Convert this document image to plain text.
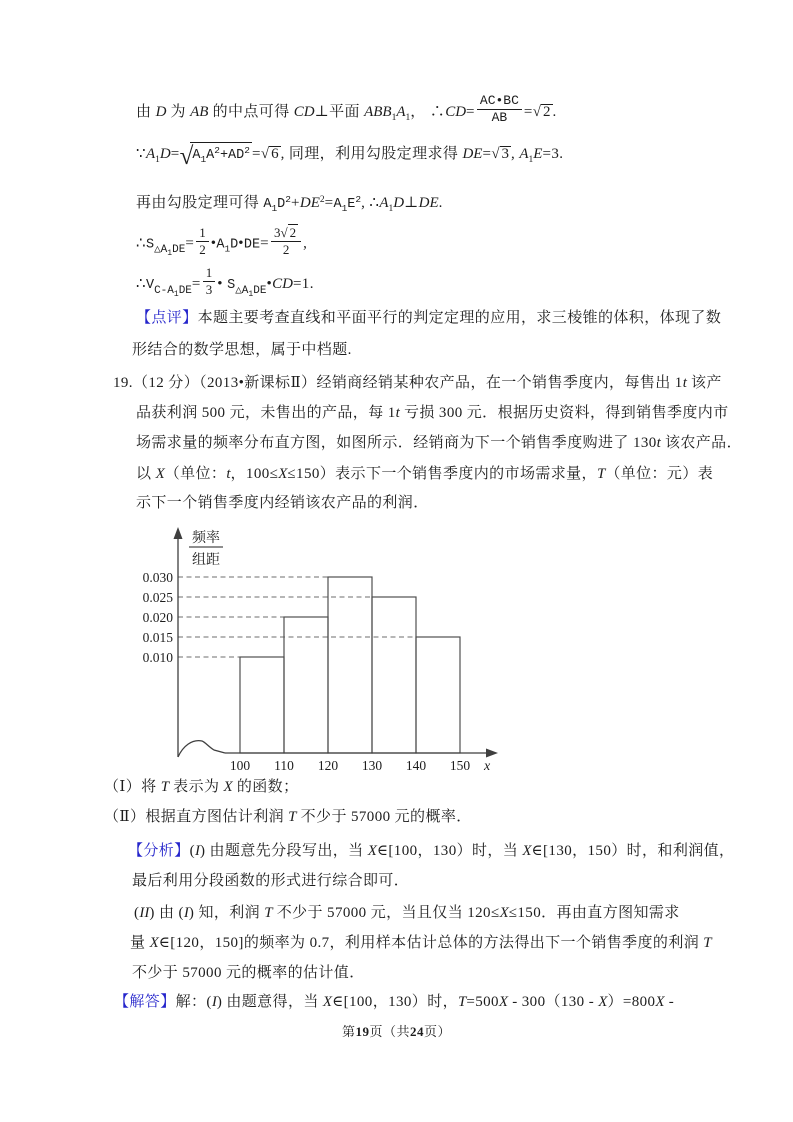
由 D 为 AB 的中点可得 CD⊥平面 $ABB_1A_1$， ∴CD= $\frac{AC•BC}{AB}$ =√ 2 .
$\because A_1D=√A_1A^2+AD^2$ =√ 6 , 同理，利用勾股定理求得 DE=√ 3 , $A_1E=3$.
再由勾股定理可得 $A_1D^2+DE^2=A_1E^2$, $\therefore A_1D\perp DE$.
$\therefore S_{\triangle A_1DE}= \frac{1}{2}$ $•A_1D•DE= \frac{3√ 2}{2}$ ,
$\therefore V_{C-A_1DE}= \frac{1}{3}$ • $S_{\triangle A_1DE}•CD=1$.
【点评】本题主要考查直线和平面平行的判定定理的应用，求三棱锥的体积，体现了数
形结合的数学思想，属于中档题.
19.（12 分）（2013•新课标Ⅱ）经销商经销某种农产品，在一个销售季度内，每售出 1t 该产
品获利润 500 元，未售出的产品，每 1t 亏损 300 元．根据历史资料，得到销售季度内市
场需求量的频率分布直方图，如图所示．经销商为下一个销售季度购进了 130t 该农产品．
以 X（单位：t，100≤X≤150）表示下一个销售季度内的市场需求量，T（单位：元）表
示下一个销售季度内经销该农产品的利润．
0.030
0.025
0.020
0.015
0.010
100 110 120 130 140 150 x
频率
组距
（Ⅰ）将 T 表示为 X 的函数；
（Ⅱ）根据直方图估计利润 T 不少于 57000 元的概率．
【分析】(I) 由题意先分段写出，当 X∈[100，130）时，当 X∈[130，150）时，和利润值，
最后利用分段函数的形式进行综合即可．
(II) 由 (I) 知，利润 T 不少于 57000 元，当且仅当 120≤X≤150．再由直方图知需求
量 X∈[120，150]的频率为 0.7，利用样本估计总体的方法得出下一个销售季度的利润 T
不少于 57000 元的概率的估计值．
【解答】解：(I) 由题意得，当 X∈[100，130）时，T=500X - 300（130 - X）=800X -
第19页（共24页）
